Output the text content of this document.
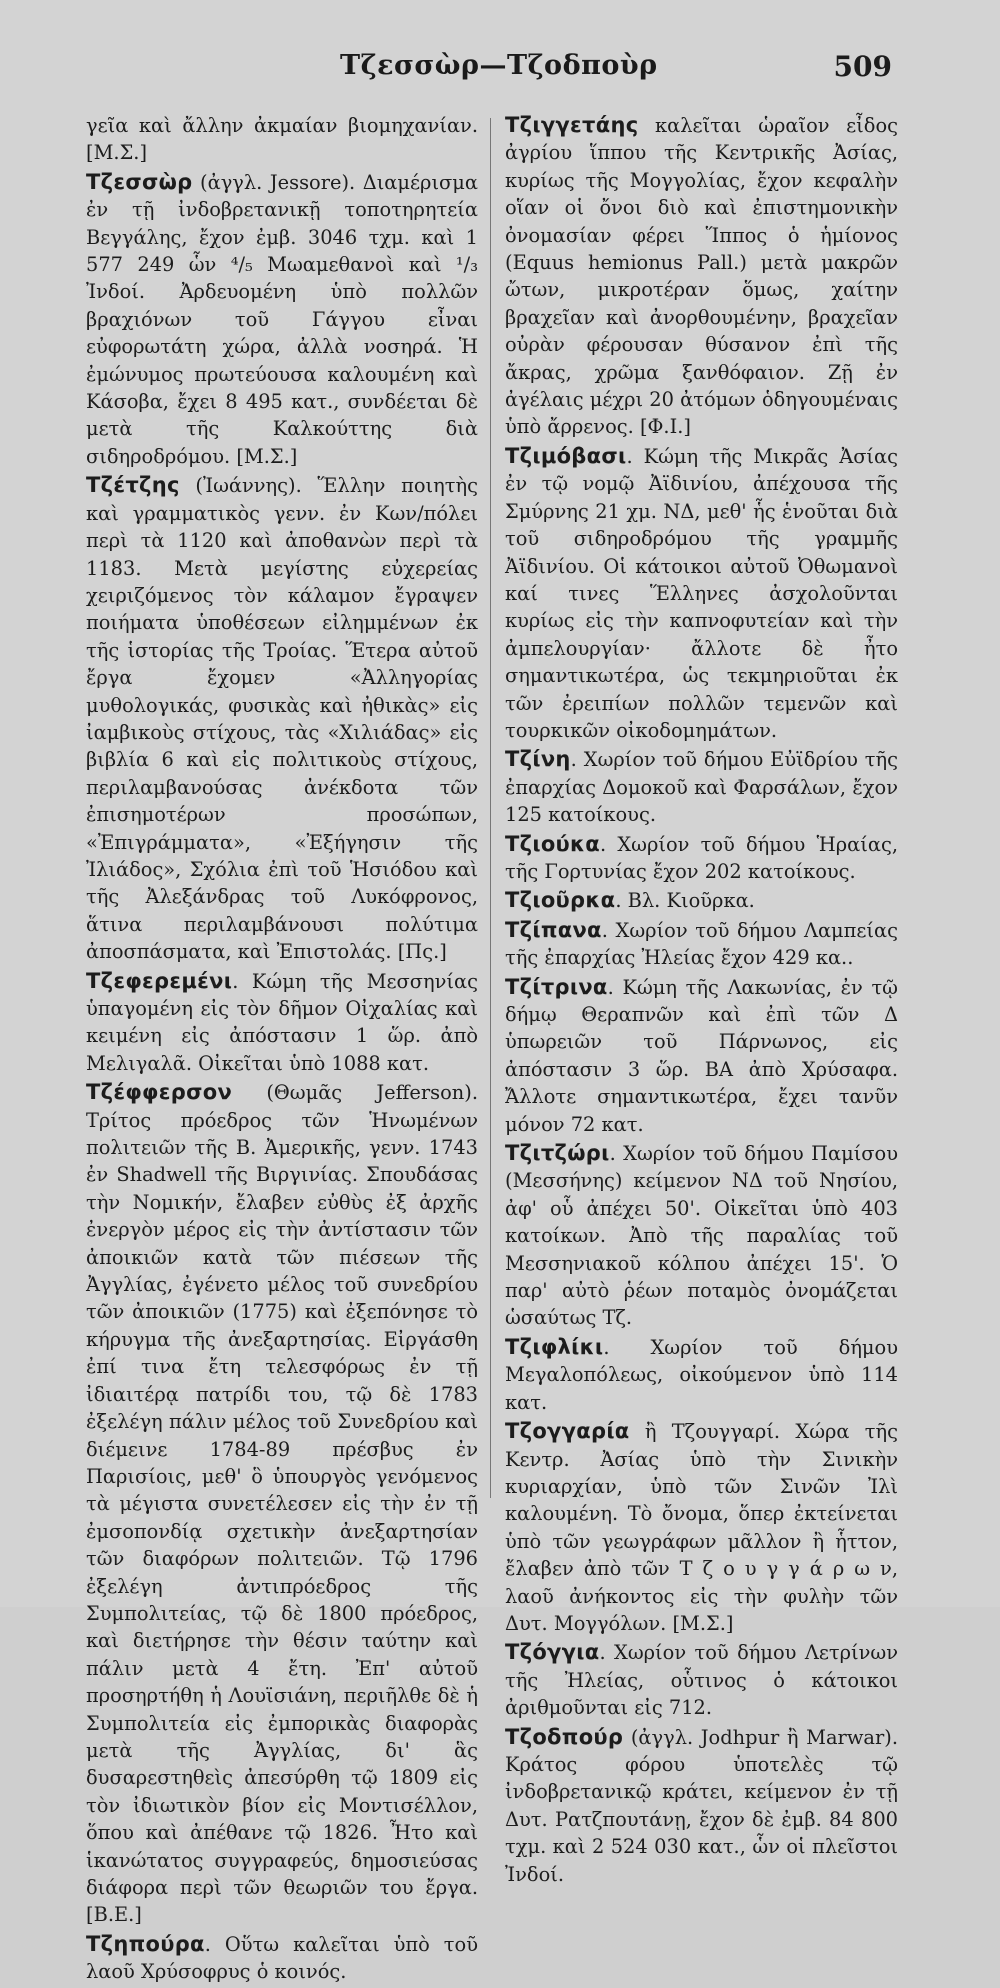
Τζεσσὼρ—Τζοδποὺρ	509

γεῖα καὶ ἄλλην ἀκμαίαν βιομηχανίαν. [Μ.Σ.]

Τζεσσὼρ (ἀγγλ. Jessore). Διαμέρισμα ἐν τῇ ἰνδοβρετανικῇ τοποτηρητεία Βεγγάλης, ἔχον ἐμβ. 3046 τχμ. καὶ 1 577 249 ὧν ⁴/₅ Μωαμεθανοὶ καὶ ¹/₃ Ἰνδοί. Ἀρδευομένη ὑπὸ πολλῶν βραχιόνων τοῦ Γάγγου εἶναι εὐφορωτάτη χώρα, ἀλλὰ νοσηρά. Ἡ ἐμώνυμος πρωτεύουσα καλουμένη καὶ Κάσοβα, ἔχει 8 495 κατ., συνδέεται δὲ μετὰ τῆς Καλκούττης διὰ σιδηροδρόμου. [Μ.Σ.]

Τζέτζης (Ἰωάννης). Ἕλλην ποιητὴς καὶ γραμματικὸς γενν. ἐν Κων/πόλει περὶ τὰ 1120 καὶ ἀποθανὼν περὶ τὰ 1183. Μετὰ μεγίστης εὐχερείας χειριζόμενος τὸν κάλαμον ἔγραψεν ποιήματα ὑποθέσεων εἰλημμένων ἐκ τῆς ἱστορίας τῆς Τροίας. Ἕτερα αὐτοῦ ἔργα ἔχομεν «Ἀλληγορίας μυθολογικάς, φυσικὰς καὶ ἠθικὰς» εἰς ἰαμβικοὺς στίχους, τὰς «Χιλιάδας» εἰς βιβλία 6 καὶ εἰς πολιτικοὺς στίχους, περιλαμβανούσας ἀνέκδοτα τῶν ἐπισημοτέρων προσώπων, «Ἐπιγράμματα», «Ἐξήγησιν τῆς Ἰλιάδος», Σχόλια ἐπὶ τοῦ Ἡσιόδου καὶ τῆς Ἀλεξάνδρας τοῦ Λυκόφρονος, ἅτινα περιλαμβάνουσι πολύτιμα ἀποσπάσματα, καὶ Ἐπιστολάς. [Πς.]

Τζεφερεμένι. Κώμη τῆς Μεσσηνίας ὑπαγομένη εἰς τὸν δῆμον Οἰχαλίας καὶ κειμένη εἰς ἀπόστασιν 1 ὥρ. ἀπὸ Μελιγαλᾶ. Οἰκεῖται ὑπὸ 1088 κατ.

Τζέφφερσον (Θωμᾶς Jefferson). Τρίτος πρόεδρος τῶν Ἡνωμένων πολιτειῶν τῆς Β. Ἀμερικῆς, γενν. 1743 ἐν Shadwell τῆς Βιργινίας. Σπουδάσας τὴν Νομικήν, ἔλαβεν εὐθὺς ἐξ ἀρχῆς ἐνεργὸν μέρος εἰς τὴν ἀντίστασιν τῶν ἀποικιῶν κατὰ τῶν πιέσεων τῆς Ἀγγλίας, ἐγένετο μέλος τοῦ συνεδρίου τῶν ἀποικιῶν (1775) καὶ ἐξεπόνησε τὸ κήρυγμα τῆς ἀνεξαρτησίας. Εἰργάσθη ἐπί τινα ἔτη τελεσφόρως ἐν τῇ ἰδιαιτέρᾳ πατρίδι του, τῷ δὲ 1783 ἐξελέγη πάλιν μέλος τοῦ Συνεδρίου καὶ διέμεινε 1784-89 πρέσβυς ἐν Παρισίοις, μεθ' ὃ ὑπουργὸς γενόμενος τὰ μέγιστα συνετέλεσεν εἰς τὴν ἐν τῇ ἐμσοπονδίᾳ σχετικὴν ἀνεξαρτησίαν τῶν διαφόρων πολιτειῶν. Τῷ 1796 ἐξελέγη ἀντιπρόεδρος τῆς Συμπολιτείας, τῷ δὲ 1800 πρόεδρος, καὶ διετήρησε τὴν θέσιν ταύτην καὶ πάλιν μετὰ 4 ἔτη. Ἐπ' αὐτοῦ προσηρτήθη ἡ Λουϊσιάνη, περιῆλθε δὲ ἡ Συμπολιτεία εἰς ἐμπορικὰς διαφορὰς μετὰ τῆς Ἀγγλίας, δι' ἃς δυσαρεστηθεὶς ἀπεσύρθη τῷ 1809 εἰς τὸν ἰδιωτικὸν βίον εἰς Μοντισέλλον, ὅπου καὶ ἀπέθανε τῷ 1826. Ἦτο καὶ ἱκανώτατος συγγραφεύς, δημοσιεύσας διάφορα περὶ τῶν θεωριῶν του ἔργα. [Β.Ε.]

Τζηπούρα. Οὕτω καλεῖται ὑπὸ τοῦ λαοῦ Χρύσοφρυς ὁ κοινός.

Τζιγγετάης καλεῖται ὡραῖον εἶδος ἀγρίου ἵππου τῆς Κεντρικῆς Ἀσίας, κυρίως τῆς Μογγολίας, ἔχον κεφαλὴν οἵαν οἱ ὄνοι διὸ καὶ ἐπιστημονικὴν ὀνομασίαν φέρει Ἵππος ὁ ἡμίονος (Equus hemionus Pall.) μετὰ μακρῶν ὤτων, μικροτέραν ὅμως, χαίτην βραχεῖαν καὶ ἀνορθουμένην, βραχεῖαν οὐρὰν φέρουσαν θύσανον ἐπὶ τῆς ἄκρας, χρῶμα ξανθόφαιον. Ζῇ ἐν ἀγέλαις μέχρι 20 ἀτόμων ὁδηγουμέναις ὑπὸ ἄρρενος. [Φ.Ι.]

Τζιμόβασι. Κώμη τῆς Μικρᾶς Ἀσίας ἐν τῷ νομῷ Ἀϊδινίου, ἀπέχουσα τῆς Σμύρνης 21 χμ. ΝΔ, μεθ' ἧς ἑνοῦται διὰ τοῦ σιδηροδρόμου τῆς γραμμῆς Ἀϊδινίου. Οἱ κάτοικοι αὐτοῦ Ὀθωμανοὶ καί τινες Ἕλληνες ἀσχολοῦνται κυρίως εἰς τὴν καπνοφυτείαν καὶ τὴν ἀμπελουργίαν· ἄλλοτε δὲ ἦτο σημαντικωτέρα, ὡς τεκμηριοῦται ἐκ τῶν ἐρειπίων πολλῶν τεμενῶν καὶ τουρκικῶν οἰκοδομημάτων.

Τζίνη. Χωρίον τοῦ δήμου Εὐϊδρίου τῆς ἐπαρχίας Δομοκοῦ καὶ Φαρσάλων, ἔχον 125 κατοίκους.

Τζιούκα. Χωρίον τοῦ δήμου Ἡραίας, τῆς Γορτυνίας ἔχον 202 κατοίκους.

Τζιοῦρκα. Βλ. Κιοῦρκα.

Τζίπανα. Χωρίον τοῦ δήμου Λαμπείας τῆς ἐπαρχίας Ἠλείας ἔχον 429 κα..

Τζίτρινα. Κώμη τῆς Λακωνίας, ἐν τῷ δήμῳ Θεραπνῶν καὶ ἐπὶ τῶν Δ ὑπωρειῶν τοῦ Πάρνωνος, εἰς ἀπόστασιν 3 ὥρ. ΒΑ ἀπὸ Χρύσαφα. Ἄλλοτε σημαντικωτέρα, ἔχει τανῦν μόνον 72 κατ.

Τζιτζώρι. Χωρίον τοῦ δήμου Παμίσου (Μεσσήνης) κείμενον ΝΔ τοῦ Νησίου, ἀφ' οὗ ἀπέχει 50'. Οἰκεῖται ὑπὸ 403 κατοίκων. Ἀπὸ τῆς παραλίας τοῦ Μεσσηνιακοῦ κόλπου ἀπέχει 15'. Ὁ παρ' αὐτὸ ῥέων ποταμὸς ὀνομάζεται ὡσαύτως Τζ.

Τζιφλίκι. Χωρίον τοῦ δήμου Μεγαλοπόλεως, οἰκούμενον ὑπὸ 114 κατ.

Τζογγαρία ἢ Τζουγγαρί. Χώρα τῆς Κεντρ. Ἀσίας ὑπὸ τὴν Σινικὴν κυριαρχίαν, ὑπὸ τῶν Σινῶν Ἰλὶ καλουμένη. Τὸ ὄνομα, ὅπερ ἐκτείνεται ὑπὸ τῶν γεωγράφων μᾶλλον ἢ ἧττον, ἔλαβεν ἀπὸ τῶν Τ ζ ο υ γ γ ά ρ ω ν, λαοῦ ἀνήκοντος εἰς τὴν φυλὴν τῶν Δυτ. Μογγόλων. [Μ.Σ.]

Τζόγγια. Χωρίον τοῦ δήμου Λετρίνων τῆς Ἠλείας, οὗτινος ὁ κάτοικοι ἀριθμοῦνται εἰς 712.

Τζοδπούρ (ἀγγλ. Jodhpur ἢ Marwar). Κράτος φόρου ὑποτελὲς τῷ ἰνδοβρετανικῷ κράτει, κείμενον ἐν τῇ Δυτ. Ρατζπουτάνῃ, ἔχον δὲ ἐμβ. 84 800 τχμ. καὶ 2 524 030 κατ., ὧν οἱ πλεῖστοι Ἰνδοί.
